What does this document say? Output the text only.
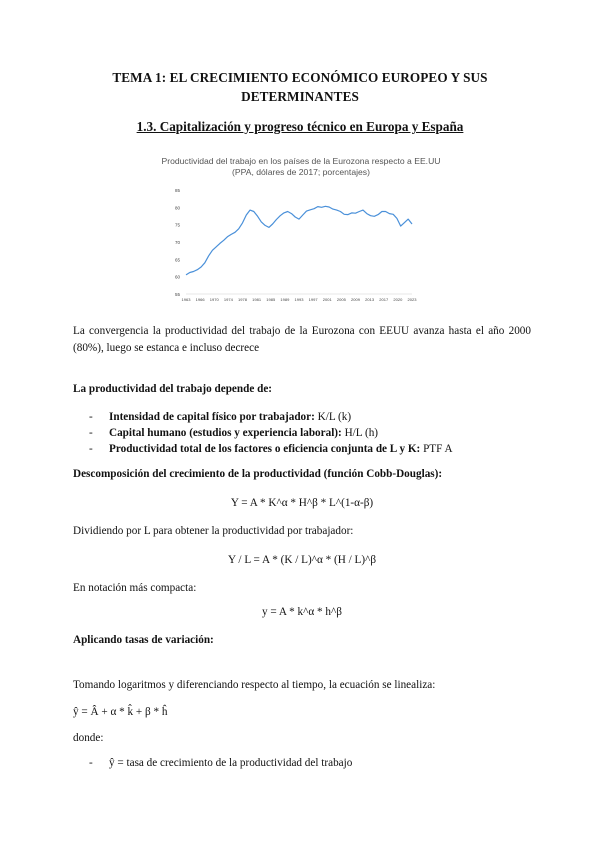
TEMA 1: EL CRECIMIENTO ECONÓMICO EUROPEO Y SUS
DETERMINANTES
1.3. Capitalización y progreso técnico en Europa y España
Productividad del trabajo en los países de la Eurozona respecto a EE.UU
(PPA, dólares de 2017; porcentajes)
55
60
65
70
75
80
85
1963 1966 1970 1974 1978 1981 1985 1989 1993 1997 2001 2005 2009 2013 2017 2020 2023
La convergencia la productividad del trabajo de la Eurozona con EEUU avanza hasta el año 2000 (80%), luego se estanca e incluso decrece
La productividad del trabajo depende de:
- Intensidad de capital físico por trabajador: K/L (k)
- Capital humano (estudios y experiencia laboral): H/L (h)
- Productividad total de los factores o eficiencia conjunta de L y K: PTF A
Descomposición del crecimiento de la productividad (función Cobb-Douglas):
Y = A * K^α * H^β * L^(1-α-β)
Dividiendo por L para obtener la productividad por trabajador:
Y / L = A * (K / L)^α * (H / L)^β
En notación más compacta:
y = A * k^α * h^β
Aplicando tasas de variación:
Tomando logaritmos y diferenciando respecto al tiempo, la ecuación se linealiza:
ŷ = Â + α * k̂ + β * ĥ
donde:
- ŷ = tasa de crecimiento de la productividad del trabajo
